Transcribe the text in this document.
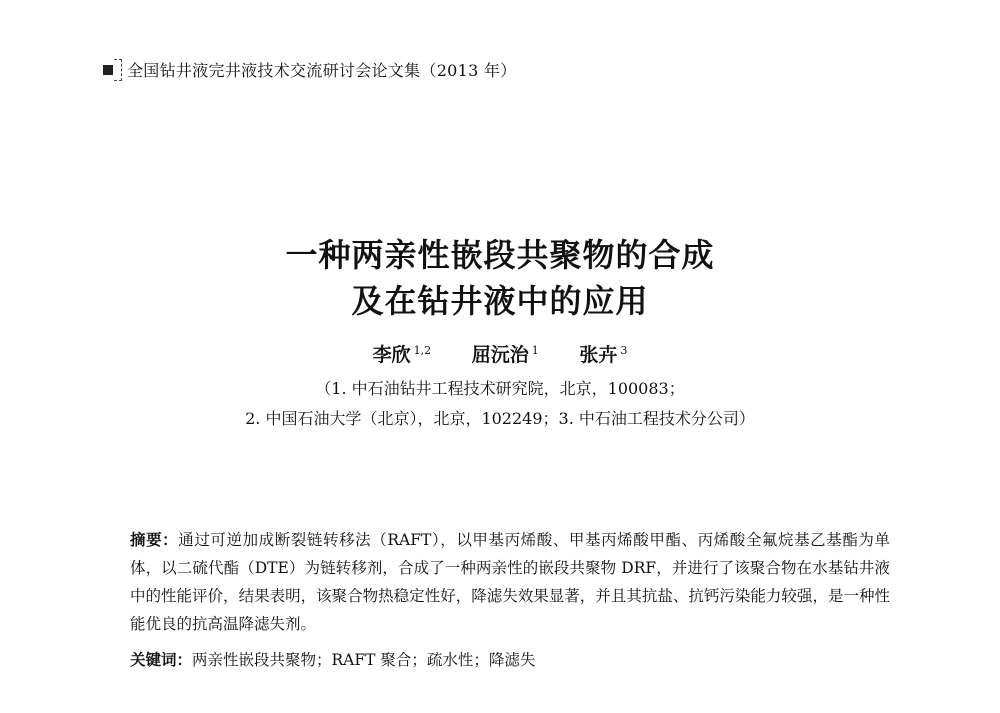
全国钻井液完井液技术交流研讨会论文集（2013 年）
一种两亲性嵌段共聚物的合成
及在钻井液中的应用
李欣 $^{1,2}$ 屈沅治 $^1$ 张卉 $^3$
（1. 中石油钻井工程技术研究院，北京，100083；
2. 中国石油大学（北京），北京，102249；3. 中石油工程技术分公司）
摘要：通过可逆加成断裂链转移法（RAFT），以甲基丙烯酸、甲基丙烯酸甲酯、丙烯酸全氟烷基乙基酯为单体，以二硫代酯（DTE）为链转移剂，合成了一种两亲性的嵌段共聚物 DRF，并进行了该聚合物在水基钻井液中的性能评价，结果表明，该聚合物热稳定性好，降滤失效果显著，并且其抗盐、抗钙污染能力较强，是一种性能优良的抗高温降滤失剂。
关键词：两亲性嵌段共聚物；RAFT 聚合；疏水性；降滤失
